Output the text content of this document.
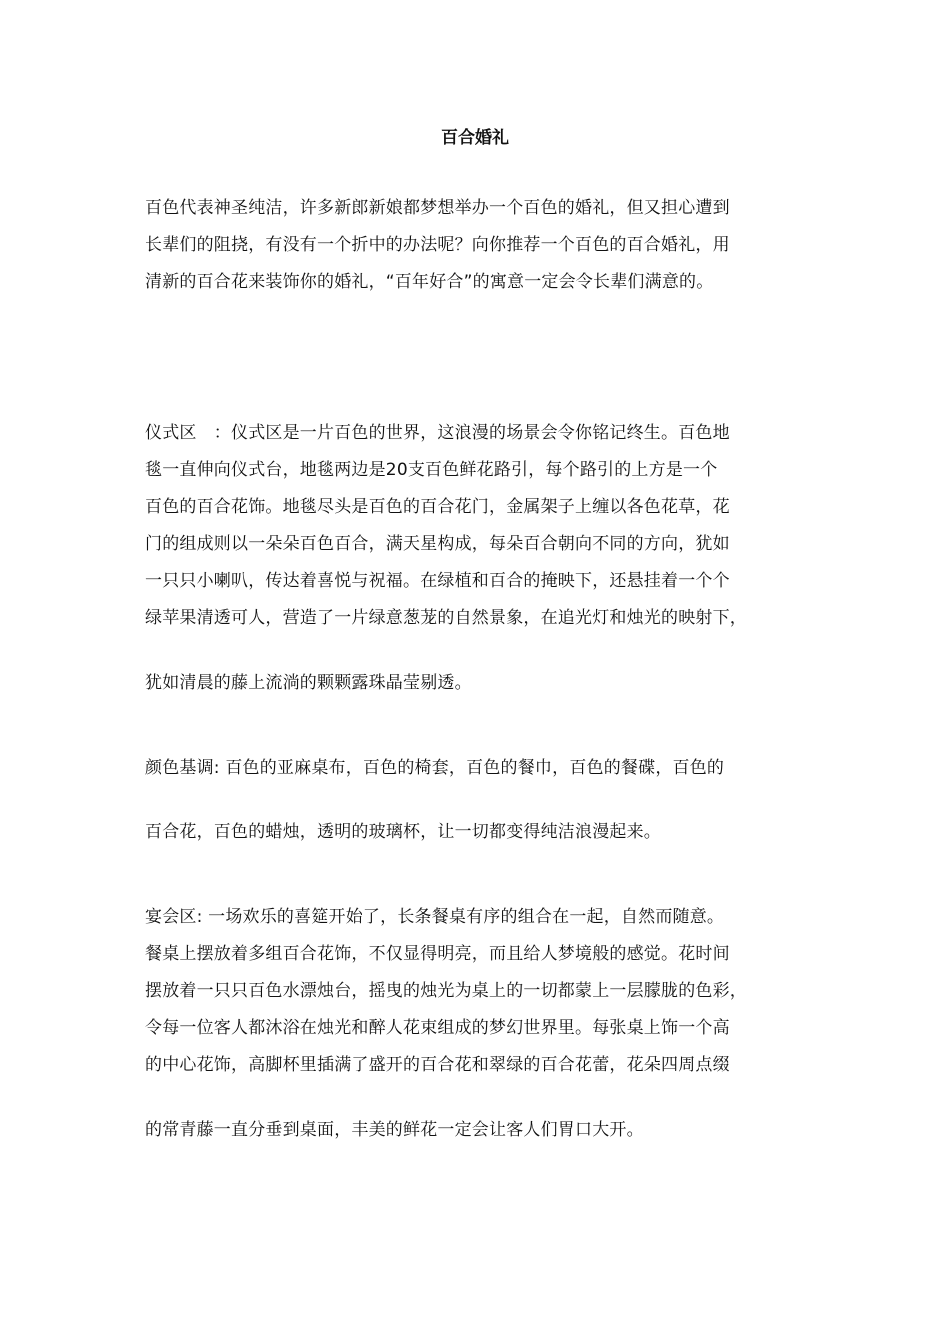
百合婚礼
百色代表神圣纯洁，许多新郎新娘都梦想举办一个百色的婚礼，但又担心遭到
长辈们的阻挠，有没有一个折中的办法呢？向你推荐一个百色的百合婚礼，用
清新的百合花来装饰你的婚礼，“百年好合”的寓意一定会令长辈们满意的。
仪式区　：仪式区是一片百色的世界，这浪漫的场景会令你铭记终生。百色地
毯一直伸向仪式台，地毯两边是20支百色鲜花路引，每个路引的上方是一个
百色的百合花饰。地毯尽头是百色的百合花门，金属架子上缠以各色花草，花
门的组成则以一朵朵百色百合，满天星构成，每朵百合朝向不同的方向，犹如
一只只小喇叭，传达着喜悦与祝福。在绿植和百合的掩映下，还悬挂着一个个
绿苹果清透可人，营造了一片绿意葱茏的自然景象，在追光灯和烛光的映射下，
犹如清晨的藤上流淌的颗颗露珠晶莹剔透。
颜色基调: 百色的亚麻桌布，百色的椅套，百色的餐巾，百色的餐碟，百色的
百合花，百色的蜡烛，透明的玻璃杯，让一切都变得纯洁浪漫起来。
宴会区: 一场欢乐的喜筵开始了，长条餐桌有序的组合在一起，自然而随意。
餐桌上摆放着多组百合花饰，不仅显得明亮，而且给人梦境般的感觉。花时间
摆放着一只只百色水漂烛台，摇曳的烛光为桌上的一切都蒙上一层朦胧的色彩，
令每一位客人都沐浴在烛光和醉人花束组成的梦幻世界里。每张桌上饰一个高
的中心花饰，高脚杯里插满了盛开的百合花和翠绿的百合花蕾，花朵四周点缀
的常青藤一直分垂到桌面，丰美的鲜花一定会让客人们胃口大开。
